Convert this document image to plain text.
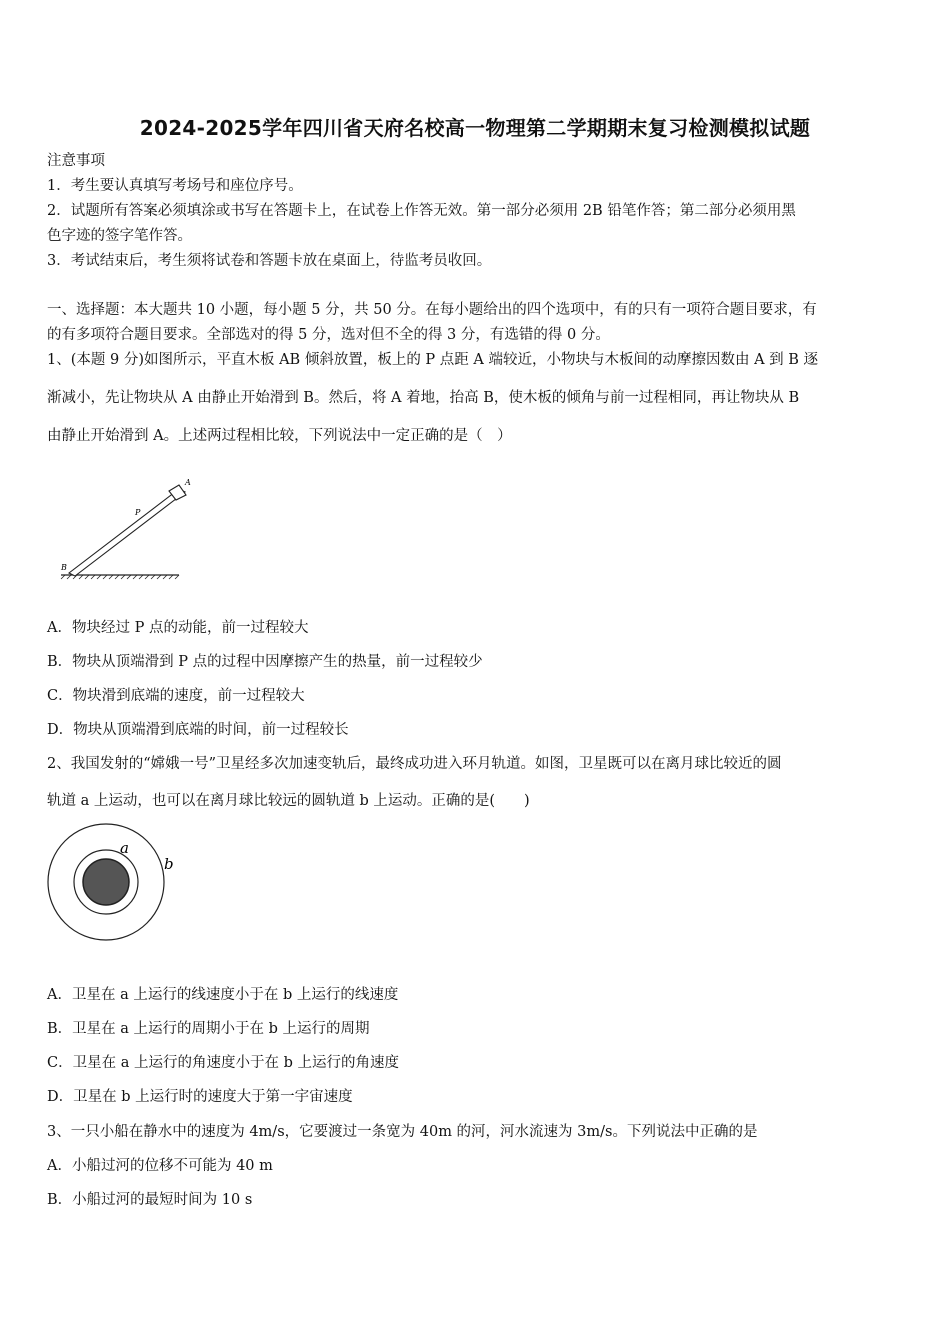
2024-2025学年四川省天府名校高一物理第二学期期末复习检测模拟试题
注意事项
1．考生要认真填写考场号和座位序号。
2．试题所有答案必须填涂或书写在答题卡上，在试卷上作答无效。第一部分必须用 2B 铅笔作答；第二部分必须用黑
色字迹的签字笔作答。
3．考试结束后，考生须将试卷和答题卡放在桌面上，待监考员收回。
一、选择题：本大题共 10 小题，每小题 5 分，共 50 分。在每小题给出的四个选项中，有的只有一项符合题目要求，有
的有多项符合题目要求。全部选对的得 5 分，选对但不全的得 3 分，有选错的得 0 分。
1、(本题 9 分)如图所示，平直木板 AB 倾斜放置，板上的 P 点距 A 端较近，小物块与木板间的动摩擦因数由 A 到 B 逐
渐减小，先让物块从 A 由静止开始滑到 B。然后，将 A 着地，抬高 B，使木板的倾角与前一过程相同，再让物块从 B
由静止开始滑到 A。上述两过程相比较，下列说法中一定正确的是（　）
A
B
P
A．物块经过 P 点的动能，前一过程较大
B．物块从顶端滑到 P 点的过程中因摩擦产生的热量，前一过程较少
C．物块滑到底端的速度，前一过程较大
D．物块从顶端滑到底端的时间，前一过程较长
2、我国发射的“嫦娥一号”卫星经多次加速变轨后，最终成功进入环月轨道。如图，卫星既可以在离月球比较近的圆
轨道 a 上运动，也可以在离月球比较远的圆轨道 b 上运动。正确的是(　　)
a
b
A．卫星在 a 上运行的线速度小于在 b 上运行的线速度
B．卫星在 a 上运行的周期小于在 b 上运行的周期
C．卫星在 a 上运行的角速度小于在 b 上运行的角速度
D．卫星在 b 上运行时的速度大于第一宇宙速度
3、一只小船在静水中的速度为 4m/s，它要渡过一条宽为 40m 的河，河水流速为 3m/s。下列说法中正确的是
A．小船过河的位移不可能为 40 m
B．小船过河的最短时间为 10 s
